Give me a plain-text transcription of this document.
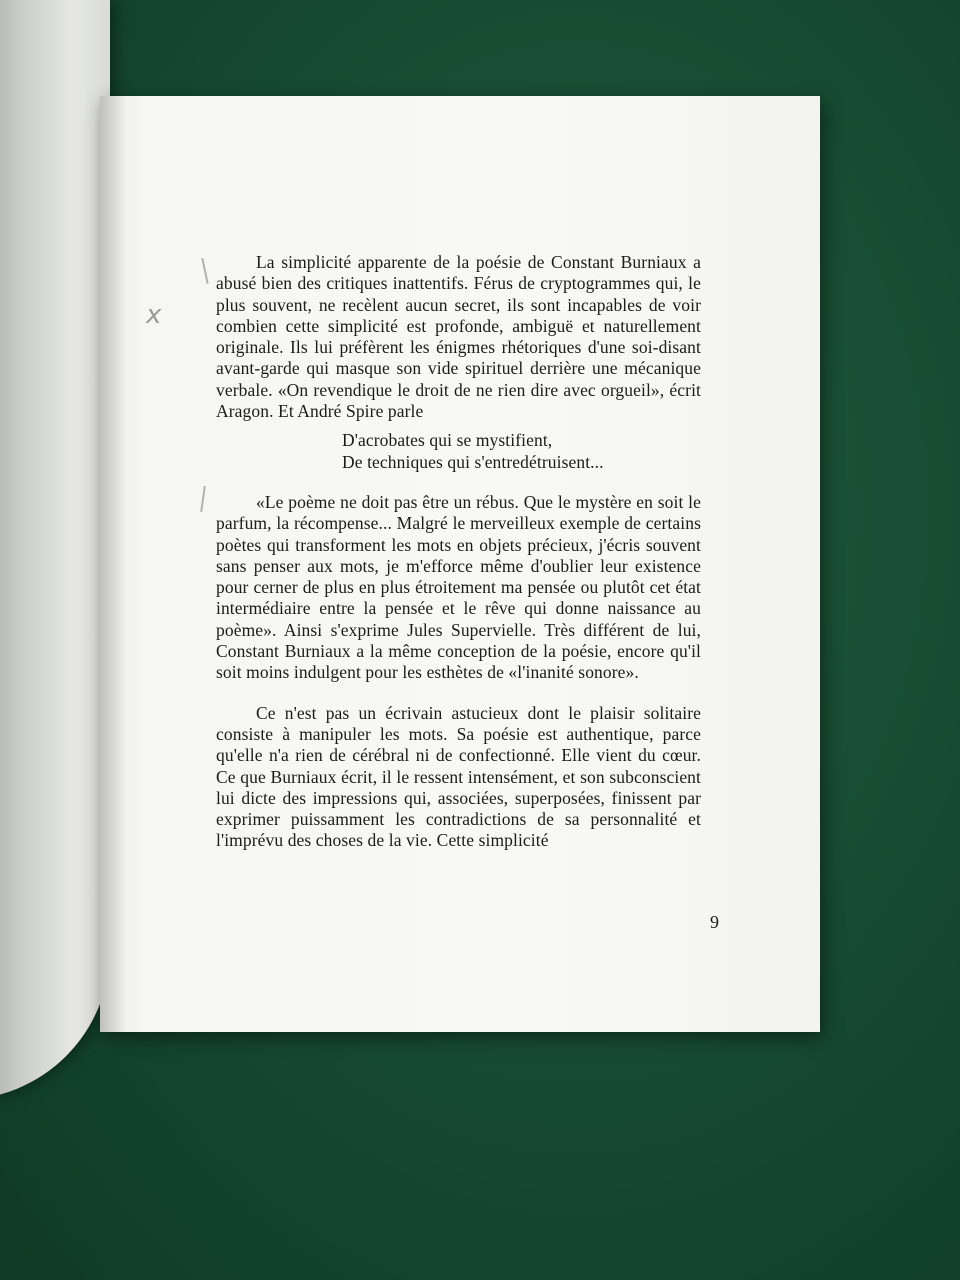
x

La simplicité apparente de la poésie de Constant Burniaux a abusé bien des critiques inattentifs. Férus de cryptogrammes qui, le plus souvent, ne recèlent aucun secret, ils sont incapables de voir combien cette simplicité est profonde, ambiguë et naturellement originale. Ils lui préfèrent les énigmes rhétoriques d'une soi-disant avant-garde qui masque son vide spirituel derrière une mécanique verbale. «On revendique le droit de ne rien dire avec orgueil», écrit Aragon. Et André Spire parle

D'acrobates qui se mystifient,
De techniques qui s'entredétruisent...

«Le poème ne doit pas être un rébus. Que le mystère en soit le parfum, la récompense... Malgré le merveilleux exemple de certains poètes qui transforment les mots en objets précieux, j'écris souvent sans penser aux mots, je m'efforce même d'oublier leur existence pour cerner de plus en plus étroitement ma pensée ou plutôt cet état intermédiaire entre la pensée et le rêve qui donne naissance au poème». Ainsi s'exprime Jules Supervielle. Très différent de lui, Constant Burniaux a la même conception de la poésie, encore qu'il soit moins indulgent pour les esthètes de «l'inanité sonore».

Ce n'est pas un écrivain astucieux dont le plaisir solitaire consiste à manipuler les mots. Sa poésie est authentique, parce qu'elle n'a rien de cérébral ni de confectionné. Elle vient du cœur. Ce que Burniaux écrit, il le ressent intensément, et son subconscient lui dicte des impressions qui, associées, superposées, finissent par exprimer puissamment les contradictions de sa personnalité et l'imprévu des choses de la vie. Cette simplicité

9
